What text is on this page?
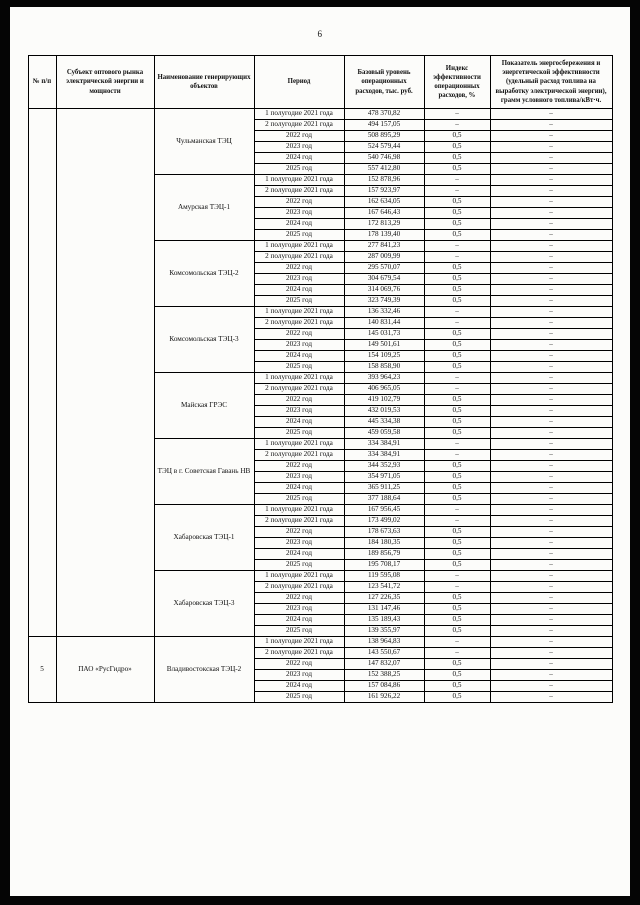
6
№ п/п	Субъект оптового рынка электрической энергии и мощности	Наименование генерирующих объектов	Период	Базовый уровень операционных расходов, тыс. руб.	Индекс эффективности операционных расходов, %	Показатель энергосбережения и энергетической эффективности (удельный расход топлива на выработку электрической энергии), грамм условного топлива/кВт·ч.
		Чульманская ТЭЦ	1 полугодие 2021 года	478 370,82	–	–
			2 полугодие 2021 года	494 157,05	–	–
			2022 год	508 895,29	0,5	–
			2023 год	524 579,44	0,5	–
			2024 год	540 746,98	0,5	–
			2025 год	557 412,80	0,5	–
		Амурская ТЭЦ-1	1 полугодие 2021 года	152 878,96	–	–
			2 полугодие 2021 года	157 923,97	–	–
			2022 год	162 634,05	0,5	–
			2023 год	167 646,43	0,5	–
			2024 год	172 813,29	0,5	–
			2025 год	178 139,40	0,5	–
		Комсомольская ТЭЦ-2	1 полугодие 2021 года	277 841,23	–	–
			2 полугодие 2021 года	287 009,99	–	–
			2022 год	295 570,07	0,5	–
			2023 год	304 679,54	0,5	–
			2024 год	314 069,76	0,5	–
			2025 год	323 749,39	0,5	–
		Комсомольская ТЭЦ-3	1 полугодие 2021 года	136 332,46	–	–
			2 полугодие 2021 года	140 831,44	–	–
			2022 год	145 031,73	0,5	–
			2023 год	149 501,61	0,5	–
			2024 год	154 109,25	0,5	–
			2025 год	158 858,90	0,5	–
		Майская ГРЭС	1 полугодие 2021 года	393 964,23	–	–
			2 полугодие 2021 года	406 965,05	–	–
			2022 год	419 102,79	0,5	–
			2023 год	432 019,53	0,5	–
			2024 год	445 334,38	0,5	–
			2025 год	459 059,58	0,5	–
		ТЭЦ в г. Советская Гавань НВ	1 полугодие 2021 года	334 384,91	–	–
			2 полугодие 2021 года	334 384,91	–	–
			2022 год	344 352,93	0,5	–
			2023 год	354 971,05	0,5	–
			2024 год	365 911,25	0,5	–
			2025 год	377 188,64	0,5	–
		Хабаровская ТЭЦ-1	1 полугодие 2021 года	167 956,45	–	–
			2 полугодие 2021 года	173 499,02	–	–
			2022 год	178 673,63	0,5	–
			2023 год	184 180,35	0,5	–
			2024 год	189 856,79	0,5	–
			2025 год	195 708,17	0,5	–
		Хабаровская ТЭЦ-3	1 полугодие 2021 года	119 595,08	–	–
			2 полугодие 2021 года	123 541,72	–	–
			2022 год	127 226,35	0,5	–
			2023 год	131 147,46	0,5	–
			2024 год	135 189,43	0,5	–
			2025 год	139 355,97	0,5	–
5	ПАО «РусГидро»	Владивостокская ТЭЦ-2	1 полугодие 2021 года	138 964,83	–	–
			2 полугодие 2021 года	143 550,67	–	–
			2022 год	147 832,07	0,5	–
			2023 год	152 388,25	0,5	–
			2024 год	157 084,86	0,5	–
			2025 год	161 926,22	0,5	–
